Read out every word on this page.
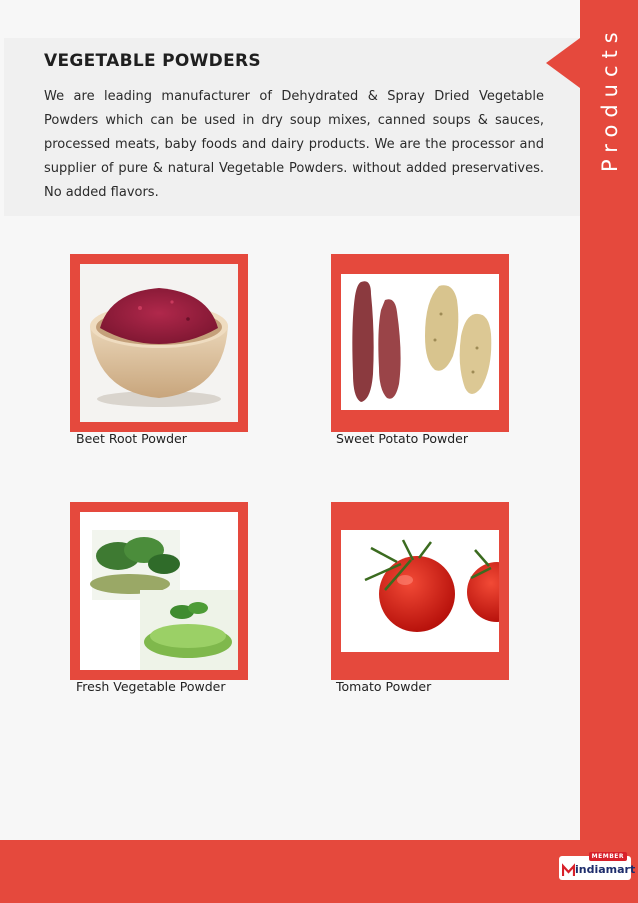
Products
VEGETABLE POWDERS

We are leading manufacturer of Dehydrated & Spray Dried Vegetable Powders which can be used in dry soup mixes, canned soups & sauces, processed meats, baby foods and dairy products. We are the processor and supplier of pure & natural Vegetable Powders. without added preservatives. No added flavors.

Beet Root Powder	Sweet Potato Powder
Fresh Vegetable Powder	Tomato Powder
MEMBER
indiamart
